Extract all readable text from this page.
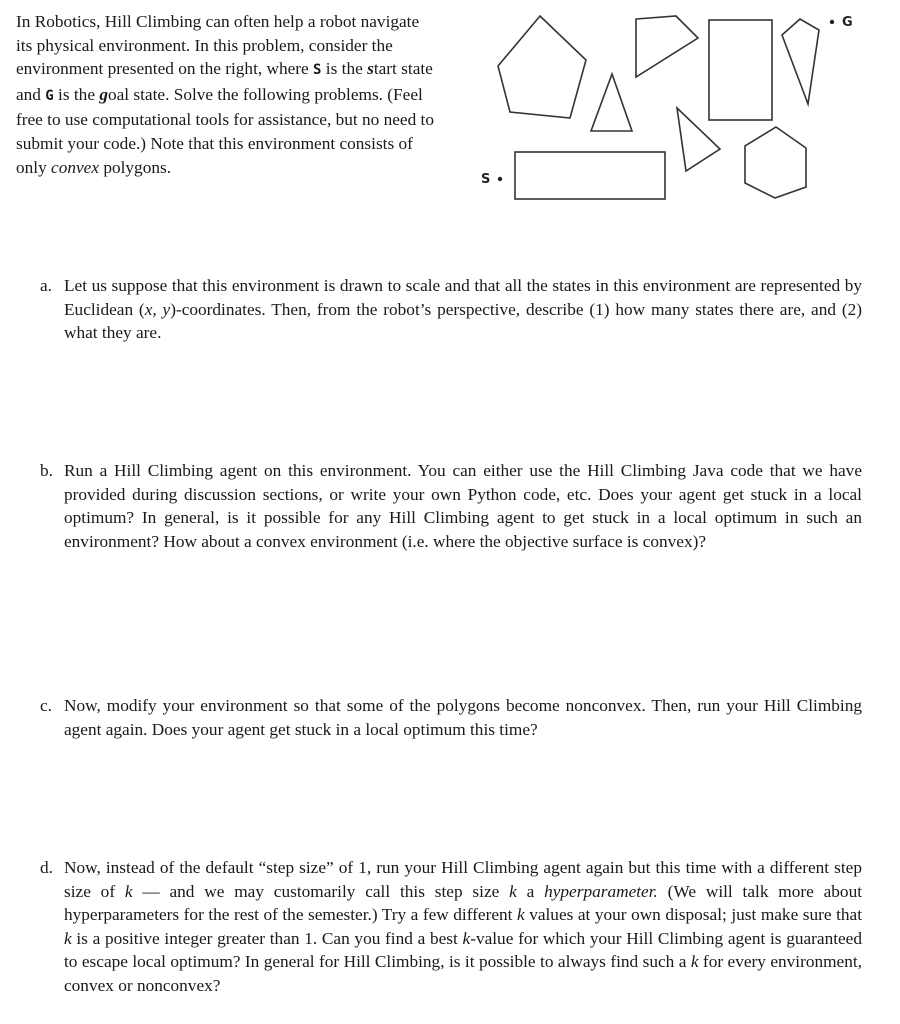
In Robotics, Hill Climbing can often help a robot navigate its physical environment. In this problem, consider the environment presented on the right, where S is the start state and G is the goal state. Solve the following problems. (Feel free to use computational tools for assistance, but no need to submit your code.) Note that this environment consists of only convex polygons.
S
G
a. Let us suppose that this environment is drawn to scale and that all the states in this environment are represented by Euclidean (x, y)-coordinates. Then, from the robot’s perspective, describe (1) how many states there are, and (2) what they are.
b. Run a Hill Climbing agent on this environment. You can either use the Hill Climbing Java code that we have provided during discussion sections, or write your own Python code, etc. Does your agent get stuck in a local optimum? In general, is it possible for any Hill Climbing agent to get stuck in a local optimum in such an environment? How about a convex environment (i.e. where the objective surface is convex)?
c. Now, modify your environment so that some of the polygons become nonconvex. Then, run your Hill Climbing agent again. Does your agent get stuck in a local optimum this time?
d. Now, instead of the default “step size” of 1, run your Hill Climbing agent again but this time with a different step size of k — and we may customarily call this step size k a hyperparameter. (We will talk more about hyperparameters for the rest of the semester.) Try a few different k values at your own disposal; just make sure that k is a positive integer greater than 1. Can you find a best k-value for which your Hill Climbing agent is guaranteed to escape local optimum? In general for Hill Climbing, is it possible to always find such a k for every environment, convex or nonconvex?
